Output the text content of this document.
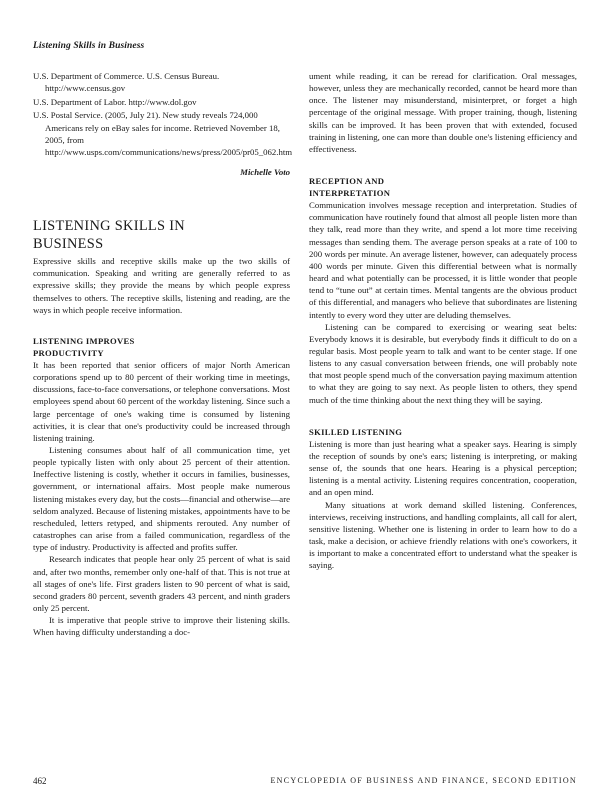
Listening Skills in Business

U.S. Department of Commerce. U.S. Census Bureau. http://www.census.gov

U.S. Department of Labor. http://www.dol.gov

U.S. Postal Service. (2005, July 21). New study reveals 724,000 Americans rely on eBay sales for income. Retrieved November 18, 2005, from http://www.usps.com/communications/news/press/2005/pr05_062.htm

Michelle Voto

LISTENING SKILLS IN

BUSINESS

Expressive skills and receptive skills make up the two skills of communication. Speaking and writing are generally referred to as expressive skills; they provide the means by which people express themselves to others. The receptive skills, listening and reading, are the ways in which people receive information.

LISTENING IMPROVES

PRODUCTIVITY

It has been reported that senior officers of major North American corporations spend up to 80 percent of their working time in meetings, discussions, face-to-face conversations, or telephone conversations. Most employees spend about 60 percent of the workday listening. Since such a large percentage of one's waking time is consumed by listening activities, it is clear that one's productivity could be increased through listening training.

Listening consumes about half of all communication time, yet people typically listen with only about 25 percent of their attention. Ineffective listening is costly, whether it occurs in families, businesses, government, or international affairs. Most people make numerous listening mistakes every day, but the costs—financial and otherwise—are seldom analyzed. Because of listening mistakes, appointments have to be rescheduled, letters retyped, and shipments rerouted. Any number of catastrophes can arise from a failed communication, regardless of the type of industry. Productivity is affected and profits suffer.

Research indicates that people hear only 25 percent of what is said and, after two months, remember only one-half of that. This is not true at all stages of one's life. First graders listen to 90 percent of what is said, second graders 80 percent, seventh graders 43 percent, and ninth graders only 25 percent.

It is imperative that people strive to improve their listening skills. When having difficulty understanding a doc-

ument while reading, it can be reread for clarification. Oral messages, however, unless they are mechanically recorded, cannot be heard more than once. The listener may misunderstand, misinterpret, or forget a high percentage of the original message. With proper training, though, listening skills can be improved. It has been proven that with extended, focused training in listening, one can more than double one's listening efficiency and effectiveness.

RECEPTION AND

INTERPRETATION

Communication involves message reception and interpretation. Studies of communication have routinely found that almost all people listen more than they talk, read more than they write, and spend a lot more time receiving messages than sending them. The average person speaks at a rate of 100 to 200 words per minute. An average listener, however, can adequately process 400 words per minute. Given this differential between what is normally heard and what potentially can be processed, it is little wonder that people tend to “tune out” at certain times. Mental tangents are the obvious product of this differential, and managers who believe that subordinates are listening intently to every word they utter are deluding themselves.

Listening can be compared to exercising or wearing seat belts: Everybody knows it is desirable, but everybody finds it difficult to do on a regular basis. Most people yearn to talk and want to be center stage. If one listens to any casual conversation between friends, one will probably note that most people spend much of the conversation paying maximum attention to what they are going to say next. As people listen to others, they spend much of the time thinking about the next thing they will be saying.

SKILLED LISTENING

Listening is more than just hearing what a speaker says. Hearing is simply the reception of sounds by one's ears; listening is interpreting, or making sense of, the sounds that one hears. Hearing is a physical perception; listening is a mental activity. Listening requires concentration, cooperation, and an open mind.

Many situations at work demand skilled listening. Conferences, interviews, receiving instructions, and handling complaints, all call for alert, sensitive listening. Whether one is listening in order to learn how to do a task, make a decision, or achieve friendly relations with one's coworkers, it is important to make a concentrated effort to understand what the speaker is saying.

462	ENCYCLOPEDIA OF BUSINESS AND FINANCE, SECOND EDITION
